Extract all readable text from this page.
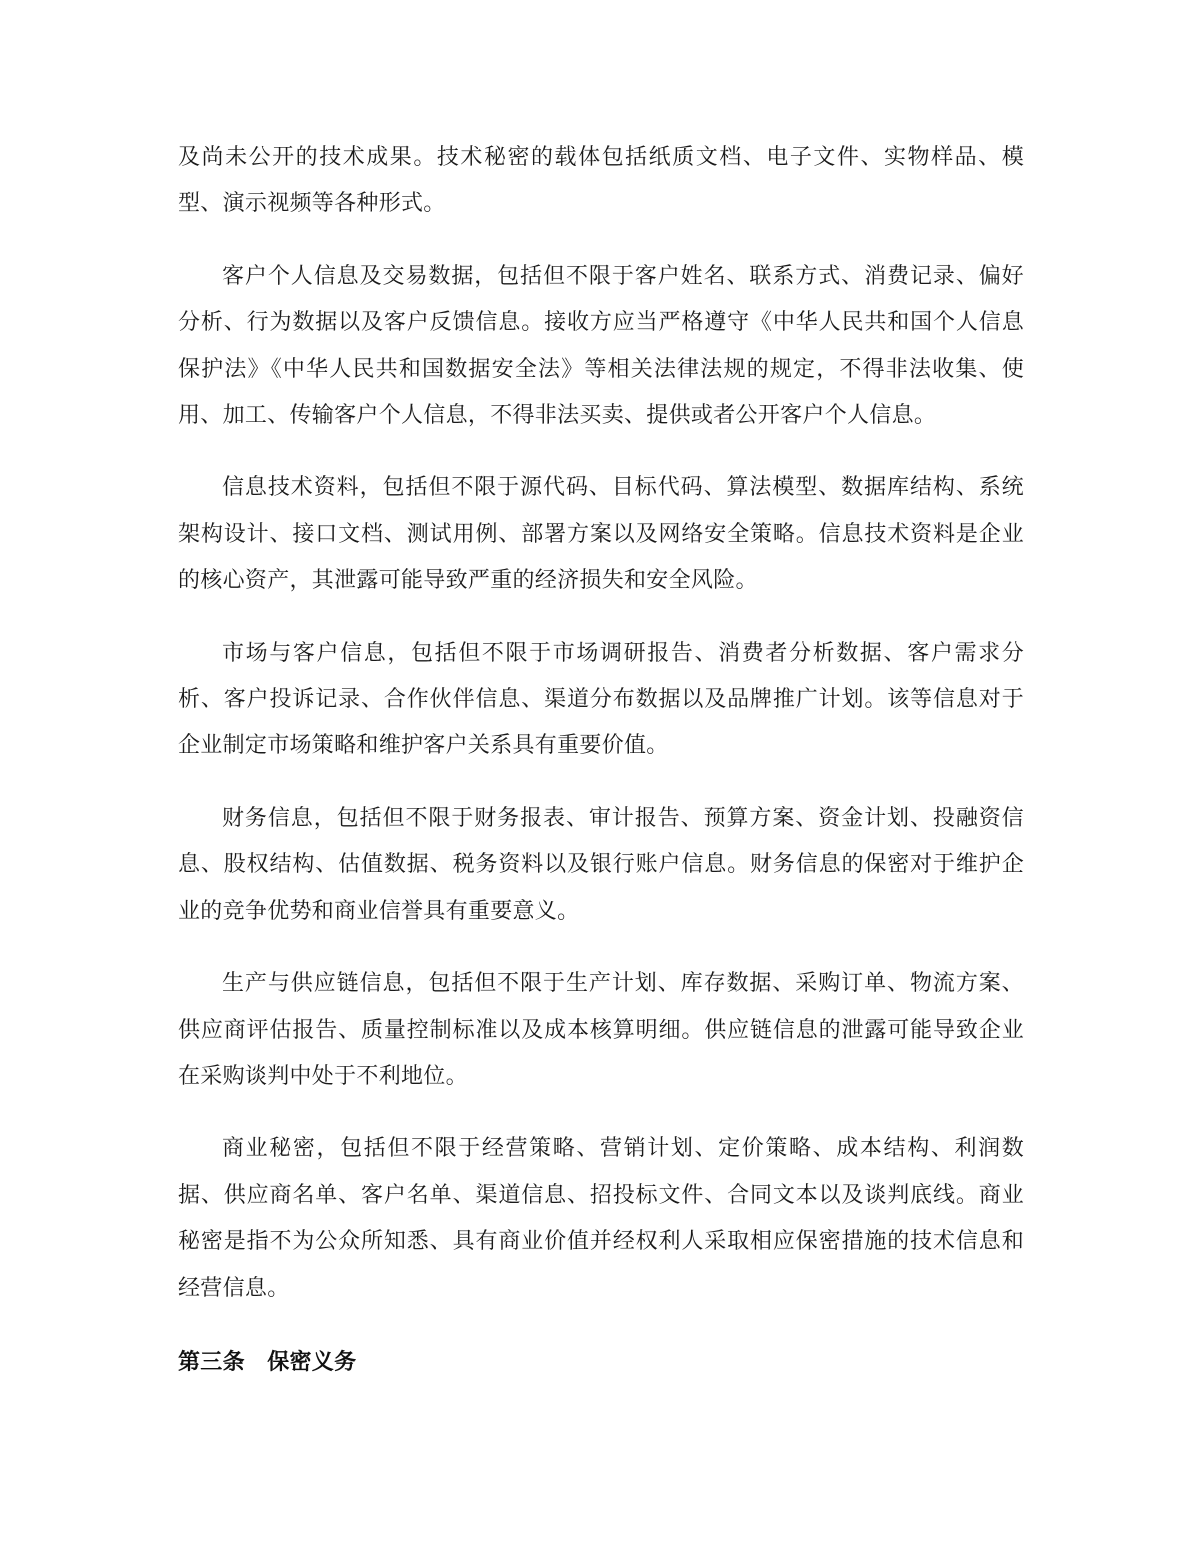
及尚未公开的技术成果。技术秘密的载体包括纸质文档、电子文件、实物样品、模型、演示视频等各种形式。

客户个人信息及交易数据，包括但不限于客户姓名、联系方式、消费记录、偏好分析、行为数据以及客户反馈信息。接收方应当严格遵守《中华人民共和国个人信息保护法》《中华人民共和国数据安全法》等相关法律法规的规定，不得非法收集、使用、加工、传输客户个人信息，不得非法买卖、提供或者公开客户个人信息。

信息技术资料，包括但不限于源代码、目标代码、算法模型、数据库结构、系统架构设计、接口文档、测试用例、部署方案以及网络安全策略。信息技术资料是企业的核心资产，其泄露可能导致严重的经济损失和安全风险。

市场与客户信息，包括但不限于市场调研报告、消费者分析数据、客户需求分析、客户投诉记录、合作伙伴信息、渠道分布数据以及品牌推广计划。该等信息对于企业制定市场策略和维护客户关系具有重要价值。

财务信息，包括但不限于财务报表、审计报告、预算方案、资金计划、投融资信息、股权结构、估值数据、税务资料以及银行账户信息。财务信息的保密对于维护企业的竞争优势和商业信誉具有重要意义。

生产与供应链信息，包括但不限于生产计划、库存数据、采购订单、物流方案、供应商评估报告、质量控制标准以及成本核算明细。供应链信息的泄露可能导致企业在采购谈判中处于不利地位。

商业秘密，包括但不限于经营策略、营销计划、定价策略、成本结构、利润数据、供应商名单、客户名单、渠道信息、招投标文件、合同文本以及谈判底线。商业秘密是指不为公众所知悉、具有商业价值并经权利人采取相应保密措施的技术信息和经营信息。

第三条　保密义务
